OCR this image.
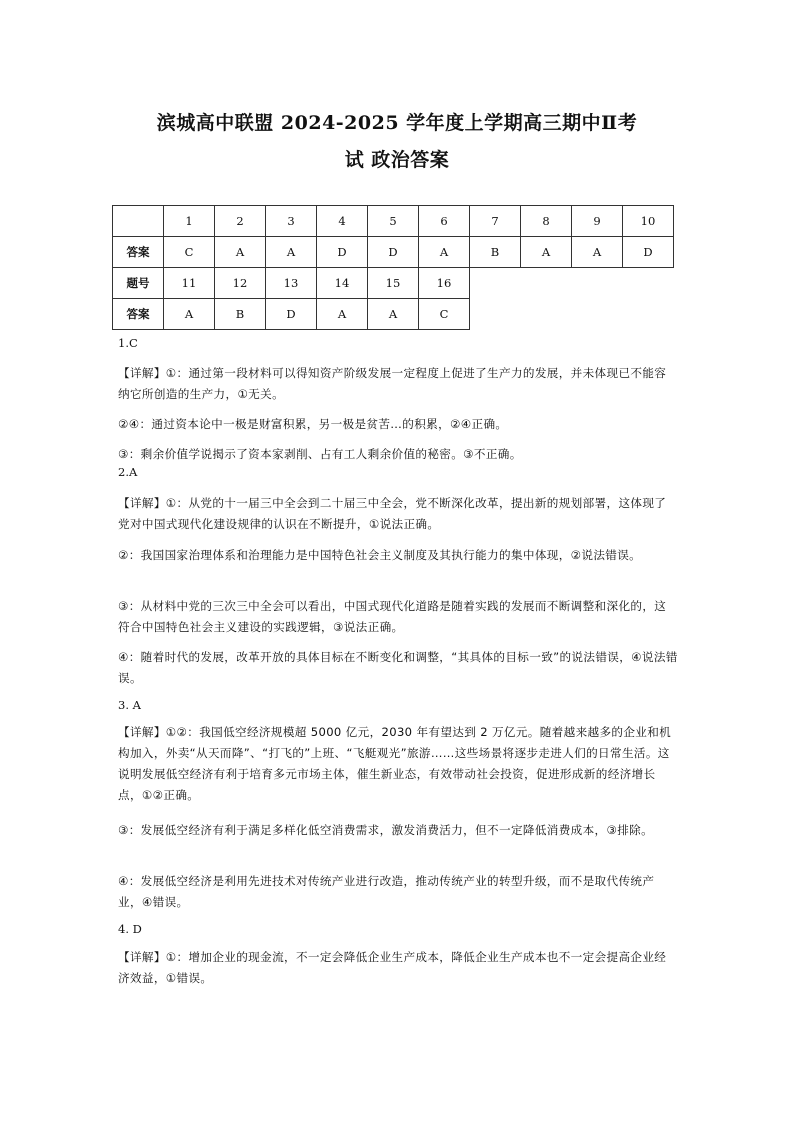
滨城高中联盟 2024-2025 学年度上学期高三期中Ⅱ考
试 政治答案
	1	2	3	4	5	6	7	8	9	10
答案	C	A	A	D	D	A	B	A	A	D
题号	11	12	13	14	15	16				
答案	A	B	D	A	A	C				
1.C
【详解】①：通过第一段材料可以得知资产阶级发展一定程度上促进了生产力的发展，并未体现已不能容纳它所创造的生产力，①无关。
②④：通过资本论中一极是财富积累，另一极是贫苦…的积累，②④正确。
③：剩余价值学说揭示了资本家剥削、占有工人剩余价值的秘密。③不正确。
2.A
【详解】①：从党的十一届三中全会到二十届三中全会，党不断深化改革，提出新的规划部署，这体现了党对中国式现代化建设规律的认识在不断提升，①说法正确。
②：我国国家治理体系和治理能力是中国特色社会主义制度及其执行能力的集中体现，②说法错误。
③：从材料中党的三次三中全会可以看出，中国式现代化道路是随着实践的发展而不断调整和深化的，这符合中国特色社会主义建设的实践逻辑，③说法正确。
④：随着时代的发展，改革开放的具体目标在不断变化和调整，“其具体的目标一致”的说法错误，④说法错误。
3. A
【详解】①②：我国低空经济规模超 5000 亿元，2030 年有望达到 2 万亿元。随着越来越多的企业和机构加入，外卖“从天而降”、“打飞的”上班、“飞艇观光”旅游……这些场景将逐步走进人们的日常生活。这说明发展低空经济有利于培育多元市场主体，催生新业态，有效带动社会投资，促进形成新的经济增长点，①②正确。
③：发展低空经济有利于满足多样化低空消费需求，激发消费活力，但不一定降低消费成本，③排除。
④：发展低空经济是利用先进技术对传统产业进行改造，推动传统产业的转型升级，而不是取代传统产业，④错误。
4. D
【详解】①：增加企业的现金流，不一定会降低企业生产成本，降低企业生产成本也不一定会提高企业经济效益，①错误。
